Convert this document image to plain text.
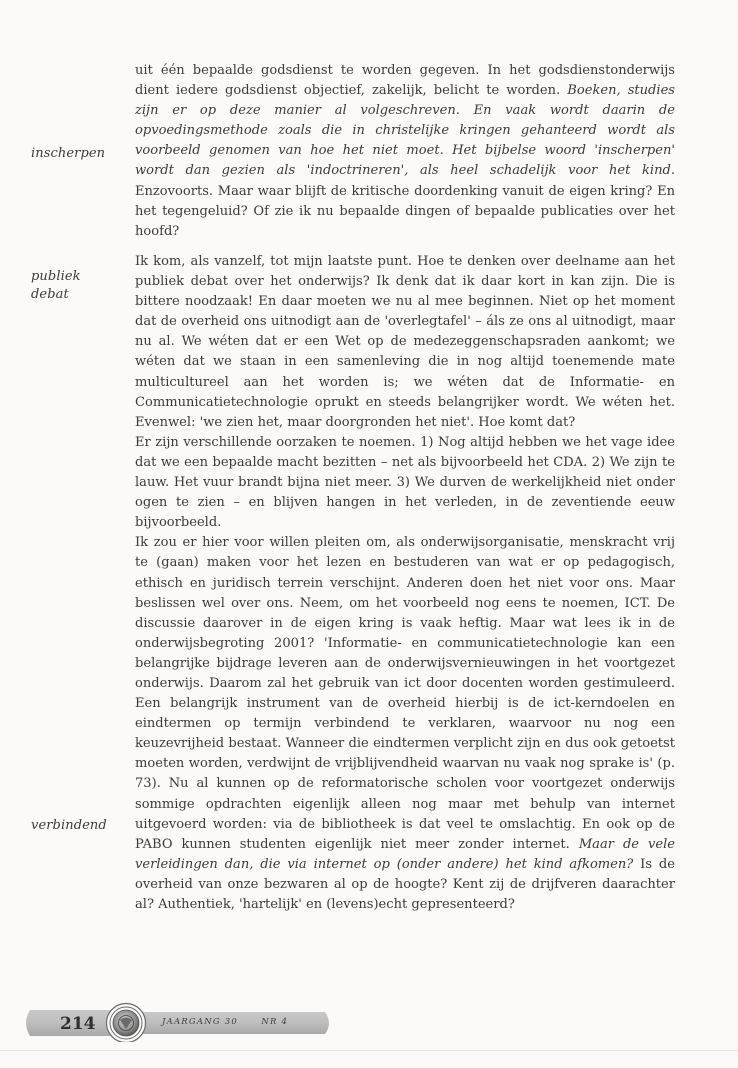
inscherpen
publiek
debat
verbindend

uit één bepaalde godsdienst te worden gegeven. In het godsdienstonderwijs dient iedere godsdienst objectief, zakelijk, belicht te worden. Boeken, studies zijn er op deze manier al volgeschreven. En vaak wordt daarin de opvoedingsmethode zoals die in christelijke kringen gehanteerd wordt als voorbeeld genomen van hoe het niet moet. Het bijbelse woord 'inscherpen' wordt dan gezien als 'indoctrineren', als heel schadelijk voor het kind. Enzovoorts. Maar waar blijft de kritische doordenking vanuit de eigen kring? En het tegengeluid? Of zie ik nu bepaalde dingen of bepaalde publicaties over het hoofd?

Ik kom, als vanzelf, tot mijn laatste punt. Hoe te denken over deelname aan het publiek debat over het onderwijs? Ik denk dat ik daar kort in kan zijn. Die is bittere noodzaak! En daar moeten we nu al mee beginnen. Niet op het moment dat de overheid ons uitnodigt aan de 'overlegtafel' – áls ze ons al uitnodigt, maar nu al. We wéten dat er een Wet op de medezeggenschapsraden aankomt; we wéten dat we staan in een samenleving die in nog altijd toenemende mate multicultureel aan het worden is; we wéten dat de Informatie- en Communicatietechnologie oprukt en steeds belangrijker wordt. We wéten het. Evenwel: 'we zien het, maar doorgronden het niet'. Hoe komt dat?

Er zijn verschillende oorzaken te noemen. 1) Nog altijd hebben we het vage idee dat we een bepaalde macht bezitten – net als bijvoorbeeld het CDA. 2) We zijn te lauw. Het vuur brandt bijna niet meer. 3) We durven de werkelijkheid niet onder ogen te zien – en blijven hangen in het verleden, in de zeventiende eeuw bijvoorbeeld.

Ik zou er hier voor willen pleiten om, als onderwijsorganisatie, menskracht vrij te (gaan) maken voor het lezen en bestuderen van wat er op pedagogisch, ethisch en juridisch terrein verschijnt. Anderen doen het niet voor ons. Maar beslissen wel over ons. Neem, om het voorbeeld nog eens te noemen, ICT. De discussie daarover in de eigen kring is vaak heftig. Maar wat lees ik in de onderwijsbegroting 2001? 'Informatie- en communicatietechnologie kan een belangrijke bijdrage leveren aan de onderwijsvernieuwingen in het voortgezet onderwijs. Daarom zal het gebruik van ict door docenten worden gestimuleerd. Een belangrijk instrument van de overheid hierbij is de ict-kerndoelen en eindtermen op termijn verbindend te verklaren, waarvoor nu nog een keuzevrijheid bestaat. Wanneer die eindtermen verplicht zijn en dus ook getoetst moeten worden, verdwijnt de vrijblijvendheid waarvan nu vaak nog sprake is' (p. 73). Nu al kunnen op de reformatorische scholen voor voortgezet onderwijs sommige opdrachten eigenlijk alleen nog maar met behulp van internet uitgevoerd worden: via de bibliotheek is dat veel te omslachtig. En ook op de PABO kunnen studenten eigenlijk niet meer zonder internet. Maar de vele verleidingen dan, die via internet op (onder andere) het kind afkomen? Is de overheid van onze bezwaren al op de hoogte? Kent zij de drijfveren daarachter al? Authentiek, 'hartelijk' en (levens)echt gepresenteerd?

214	JAARGANG 30	NR 4
